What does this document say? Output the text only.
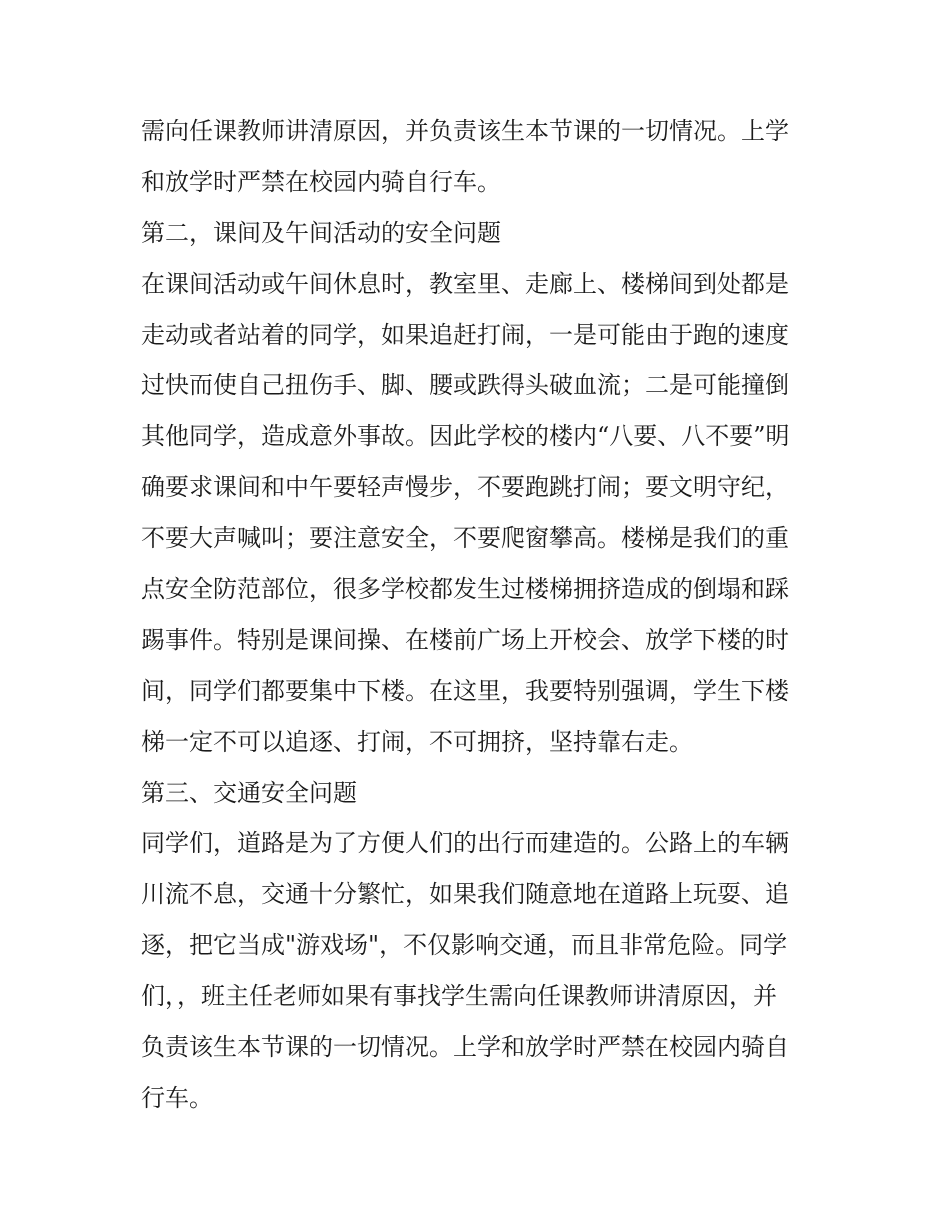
需向任课教师讲清原因，并负责该生本节课的一切情况。上学
和放学时严禁在校园内骑自行车。
第二，课间及午间活动的安全问题
在课间活动或午间休息时，教室里、走廊上、楼梯间到处都是
走动或者站着的同学，如果追赶打闹，一是可能由于跑的速度
过快而使自己扭伤手、脚、腰或跌得头破血流；二是可能撞倒
其他同学，造成意外事故。因此学校的楼内“八要、八不要”明
确要求课间和中午要轻声慢步，不要跑跳打闹；要文明守纪，
不要大声喊叫；要注意安全，不要爬窗攀高。楼梯是我们的重
点安全防范部位，很多学校都发生过楼梯拥挤造成的倒塌和踩
踢事件。特别是课间操、在楼前广场上开校会、放学下楼的时
间，同学们都要集中下楼。在这里，我要特别强调，学生下楼
梯一定不可以追逐、打闹，不可拥挤，坚持靠右走。
第三、交通安全问题
同学们，道路是为了方便人们的出行而建造的。公路上的车辆
川流不息，交通十分繁忙，如果我们随意地在道路上玩耍、追
逐，把它当成"游戏场"，不仅影响交通，而且非常危险。同学
们，，班主任老师如果有事找学生需向任课教师讲清原因，并
负责该生本节课的一切情况。上学和放学时严禁在校园内骑自
行车。
